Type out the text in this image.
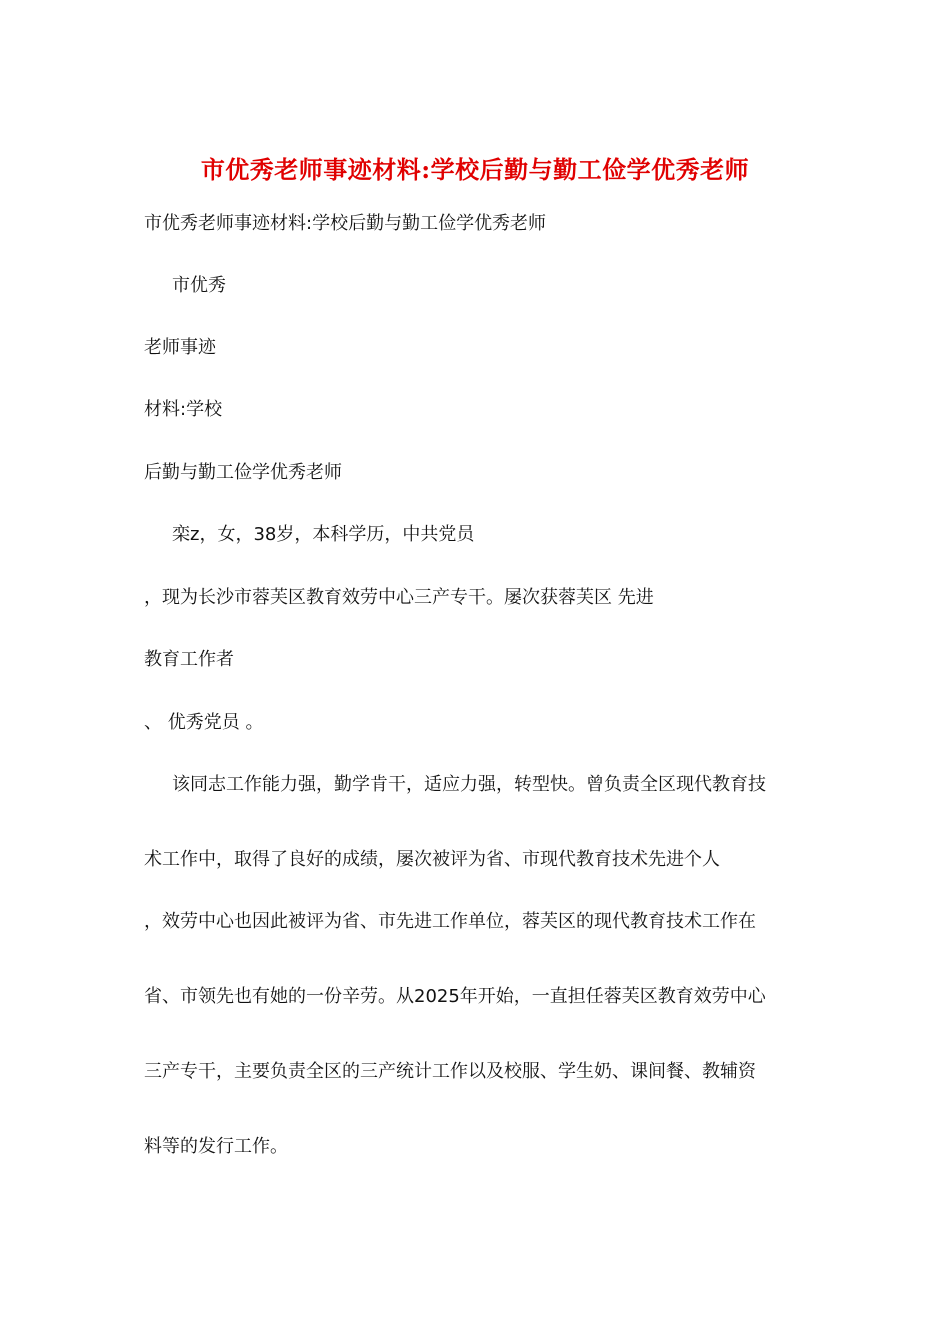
市优秀老师事迹材料:学校后勤与勤工俭学优秀老师
市优秀老师事迹材料:学校后勤与勤工俭学优秀老师
市优秀
老师事迹
材料:学校
后勤与勤工俭学优秀老师
栾z，女，38岁，本科学历，中共党员
，现为长沙市蓉芙区教育效劳中心三产专干。屡次获蓉芙区 先进
教育工作者
、 优秀党员 。
该同志工作能力强，勤学肯干，适应力强，转型快。曾负责全区现代教育技
术工作中，取得了良好的成绩，屡次被评为省、市现代教育技术先进个人
，效劳中心也因此被评为省、市先进工作单位，蓉芙区的现代教育技术工作在
省、市领先也有她的一份辛劳。从2025年开始，一直担任蓉芙区教育效劳中心
三产专干，主要负责全区的三产统计工作以及校服、学生奶、课间餐、教辅资
料等的发行工作。
